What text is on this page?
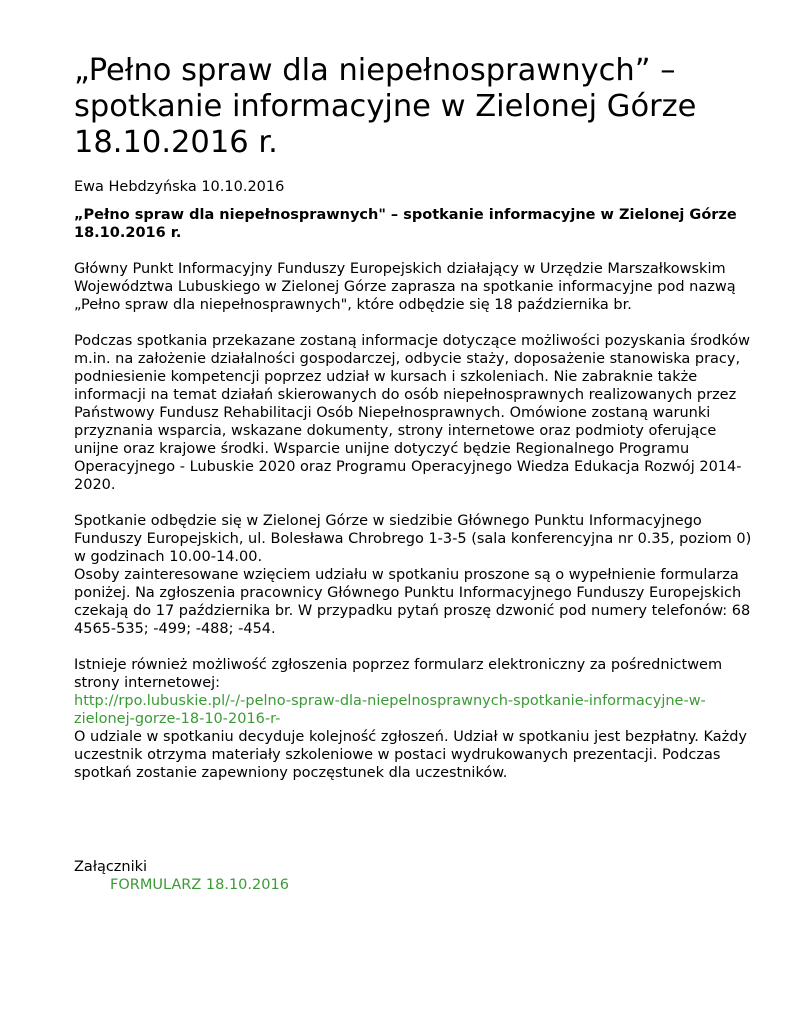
„Pełno spraw dla niepełnosprawnych” – spotkanie informacyjne w Zielonej Górze 18.10.2016 r.
Ewa Hebdzyńska 10.10.2016
„Pełno spraw dla niepełnosprawnych" – spotkanie informacyjne w Zielonej Górze 18.10.2016 r.

Główny Punkt Informacyjny Funduszy Europejskich działający w Urzędzie Marszałkowskim Województwa Lubuskiego w Zielonej Górze zaprasza na spotkanie informacyjne pod nazwą „Pełno spraw dla niepełnosprawnych", które odbędzie się 18 października br.

Podczas spotkania przekazane zostaną informacje dotyczące możliwości pozyskania środków m.in. na założenie działalności gospodarczej, odbycie staży, doposażenie stanowiska pracy, podniesienie kompetencji poprzez udział w kursach i szkoleniach. Nie zabraknie także informacji na temat działań skierowanych do osób niepełnosprawnych realizowanych przez Państwowy Fundusz Rehabilitacji Osób Niepełnosprawnych. Omówione zostaną warunki przyznania wsparcia, wskazane dokumenty, strony internetowe oraz podmioty oferujące unijne oraz krajowe środki. Wsparcie unijne dotyczyć będzie Regionalnego Programu Operacyjnego - Lubuskie 2020 oraz Programu Operacyjnego Wiedza Edukacja Rozwój 2014-2020.

Spotkanie odbędzie się w Zielonej Górze w siedzibie Głównego Punktu Informacyjnego Funduszy Europejskich, ul. Bolesława Chrobrego 1-3-5 (sala konferencyjna nr 0.35, poziom 0) w godzinach 10.00-14.00.
Osoby zainteresowane wzięciem udziału w spotkaniu proszone są o wypełnienie formularza poniżej. Na zgłoszenia pracownicy Głównego Punktu Informacyjnego Funduszy Europejskich czekają do 17 października br. W przypadku pytań proszę dzwonić pod numery telefonów: 68 4565-535; -499; -488; -454.

Istnieje również możliwość zgłoszenia poprzez formularz elektroniczny za pośrednictwem strony internetowej:
http://rpo.lubuskie.pl/-/-pelno-spraw-dla-niepelnosprawnych-spotkanie-informacyjne-w-zielonej-gorze-18-10-2016-r-
O udziale w spotkaniu decyduje kolejność zgłoszeń. Udział w spotkaniu jest bezpłatny. Każdy uczestnik otrzyma materiały szkoleniowe w postaci wydrukowanych prezentacji. Podczas spotkań zostanie zapewniony poczęstunek dla uczestników.

Załączniki
FORMULARZ 18.10.2016
